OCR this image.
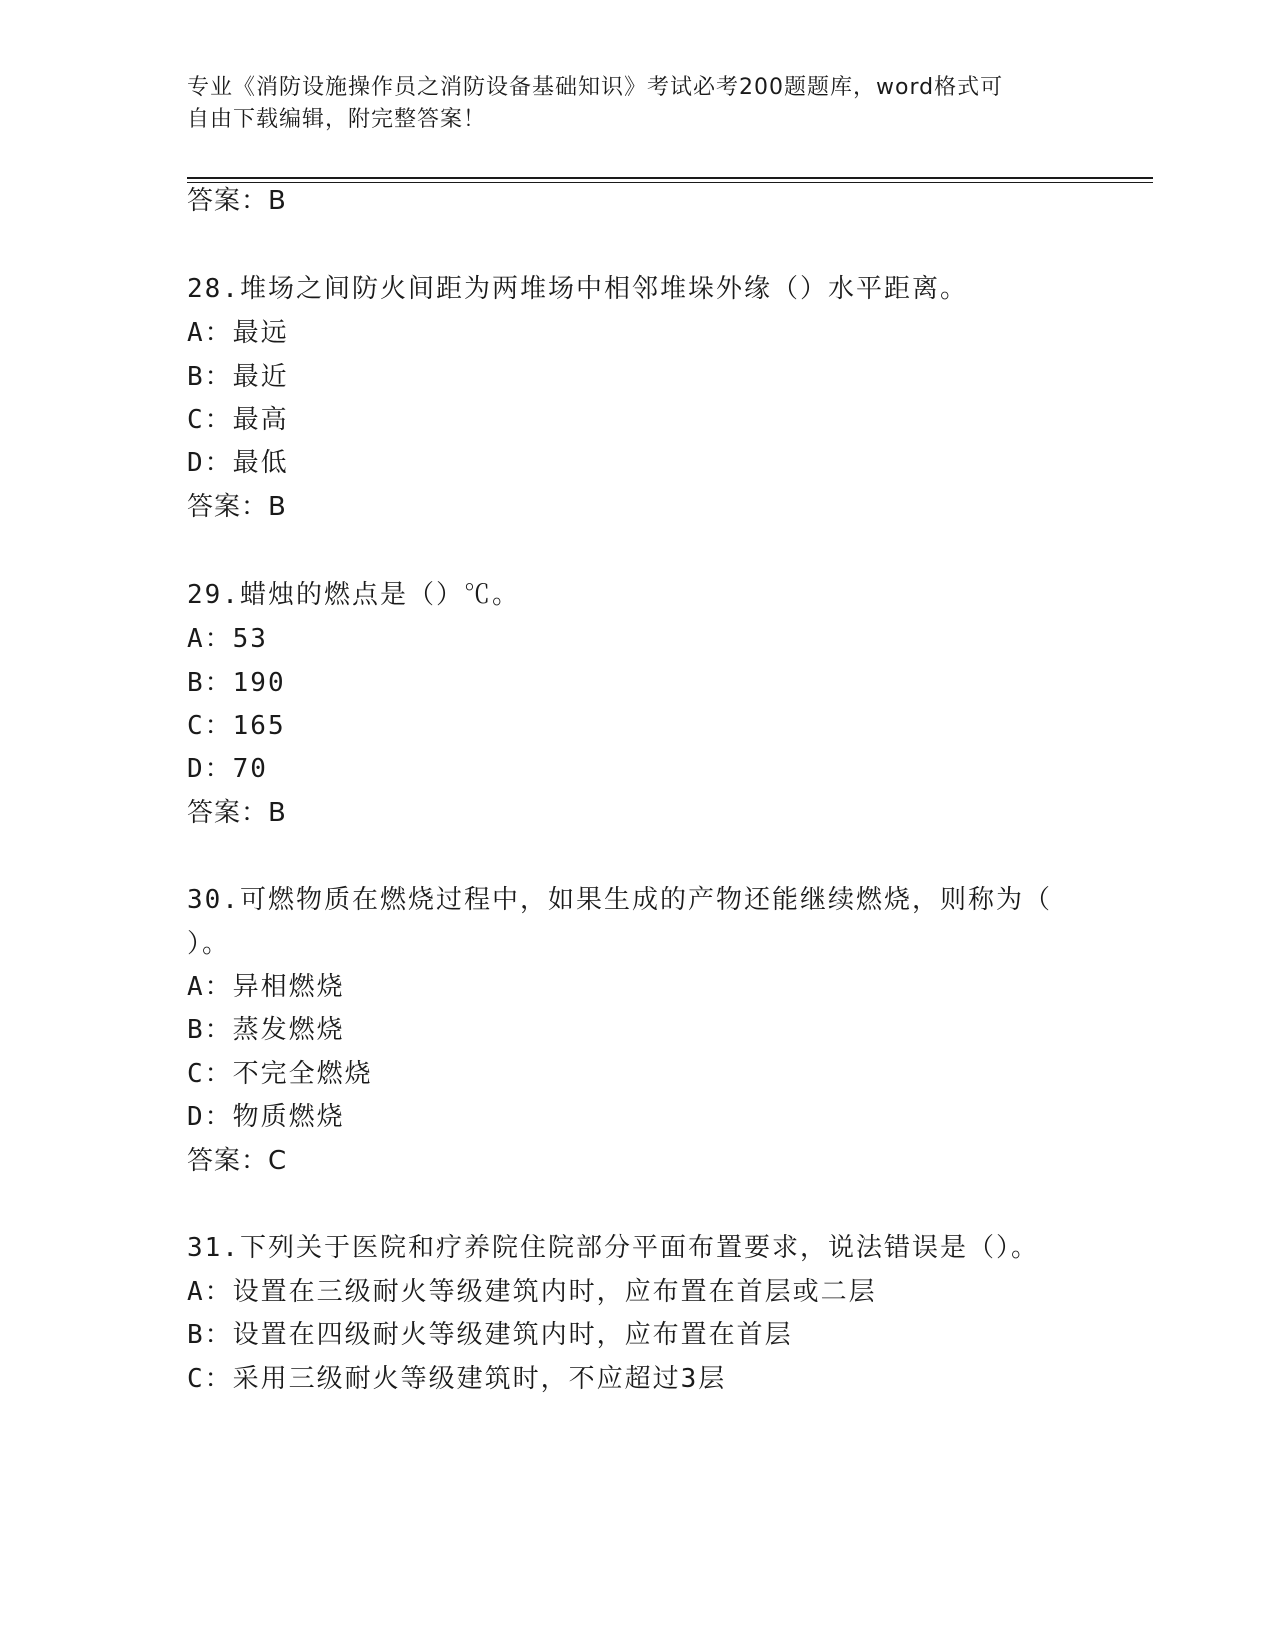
专业《消防设施操作员之消防设备基础知识》考试必考200题题库，word格式可
自由下载编辑，附完整答案！
答案：B
28.堆场之间防火间距为两堆场中相邻堆垛外缘（）水平距离。
A：最远
B：最近
C：最高
D：最低
答案：B
29.蜡烛的燃点是（）℃。
A：53
B：190
C：165
D：70
答案：B
30.可燃物质在燃烧过程中，如果生成的产物还能继续燃烧，则称为（
）。
A：异相燃烧
B：蒸发燃烧
C：不完全燃烧
D：物质燃烧
答案：C
31.下列关于医院和疗养院住院部分平面布置要求，说法错误是（）。
A：设置在三级耐火等级建筑内时，应布置在首层或二层
B：设置在四级耐火等级建筑内时，应布置在首层
C：采用三级耐火等级建筑时，不应超过3层
